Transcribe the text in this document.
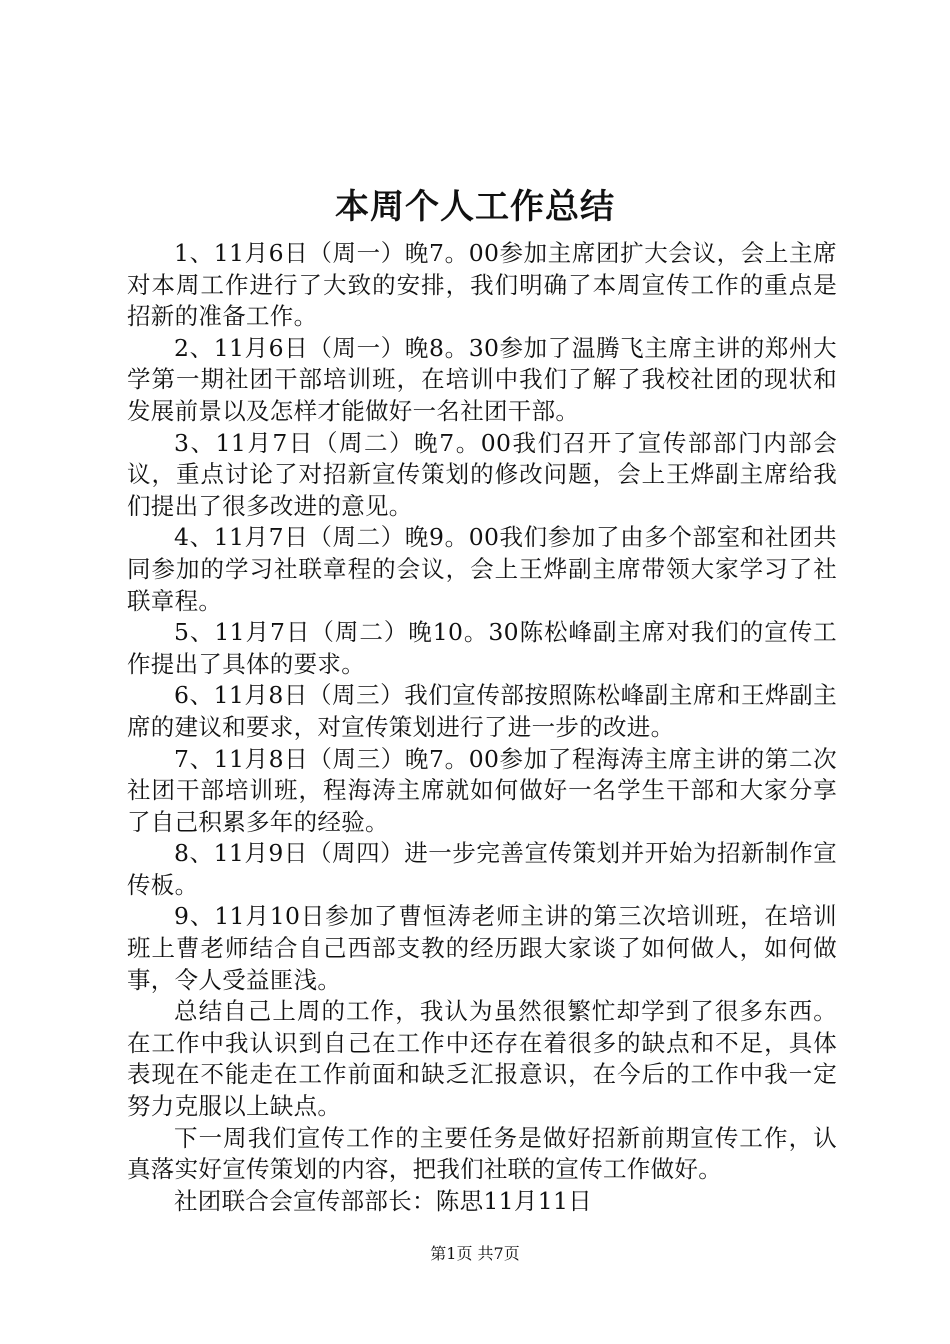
本周个人工作总结

1、11月6日（周一）晚7。00参加主席团扩大会议，会上主席对本周工作进行了大致的安排，我们明确了本周宣传工作的重点是招新的准备工作。

2、11月6日（周一）晚8。30参加了温腾飞主席主讲的郑州大学第一期社团干部培训班，在培训中我们了解了我校社团的现状和发展前景以及怎样才能做好一名社团干部。

3、11月7日（周二）晚7。00我们召开了宣传部部门内部会议，重点讨论了对招新宣传策划的修改问题，会上王烨副主席给我们提出了很多改进的意见。

4、11月7日（周二）晚9。00我们参加了由多个部室和社团共同参加的学习社联章程的会议，会上王烨副主席带领大家学习了社联章程。

5、11月7日（周二）晚10。30陈松峰副主席对我们的宣传工作提出了具体的要求。

6、11月8日（周三）我们宣传部按照陈松峰副主席和王烨副主席的建议和要求，对宣传策划进行了进一步的改进。

7、11月8日（周三）晚7。00参加了程海涛主席主讲的第二次社团干部培训班，程海涛主席就如何做好一名学生干部和大家分享了自己积累多年的经验。

8、11月9日（周四）进一步完善宣传策划并开始为招新制作宣传板。

9、11月10日参加了曹恒涛老师主讲的第三次培训班，在培训班上曹老师结合自己西部支教的经历跟大家谈了如何做人，如何做事，令人受益匪浅。

总结自己上周的工作，我认为虽然很繁忙却学到了很多东西。在工作中我认识到自己在工作中还存在着很多的缺点和不足，具体表现在不能走在工作前面和缺乏汇报意识，在今后的工作中我一定努力克服以上缺点。

下一周我们宣传工作的主要任务是做好招新前期宣传工作，认真落实好宣传策划的内容，把我们社联的宣传工作做好。

社团联合会宣传部部长：陈思11月11日

第1页 共7页
